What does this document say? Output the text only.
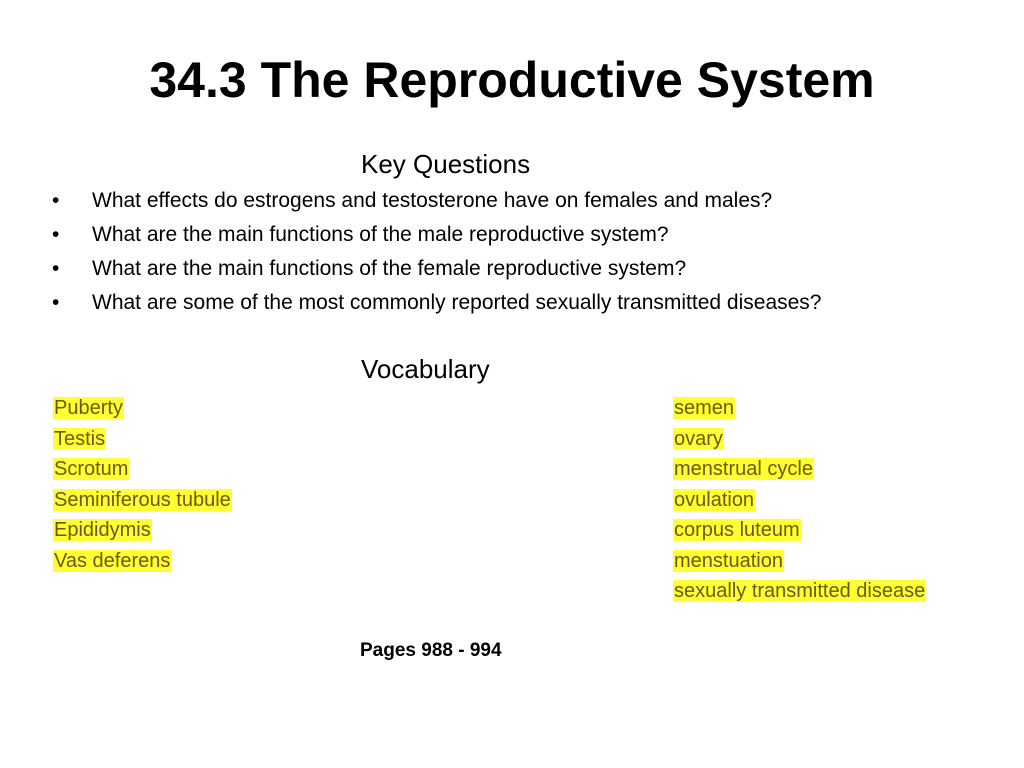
34.3 The Reproductive System
Key Questions
• What effects do estrogens and testosterone have on females and males?
• What are the main functions of the male reproductive system?
• What are the main functions of the female reproductive system?
• What are some of the most commonly reported sexually transmitted diseases?
Vocabulary
Puberty
Testis
Scrotum
Seminiferous tubule
Epididymis
Vas deferens
semen
ovary
menstrual cycle
ovulation
corpus luteum
menstuation
sexually transmitted disease
Pages 988 - 994
